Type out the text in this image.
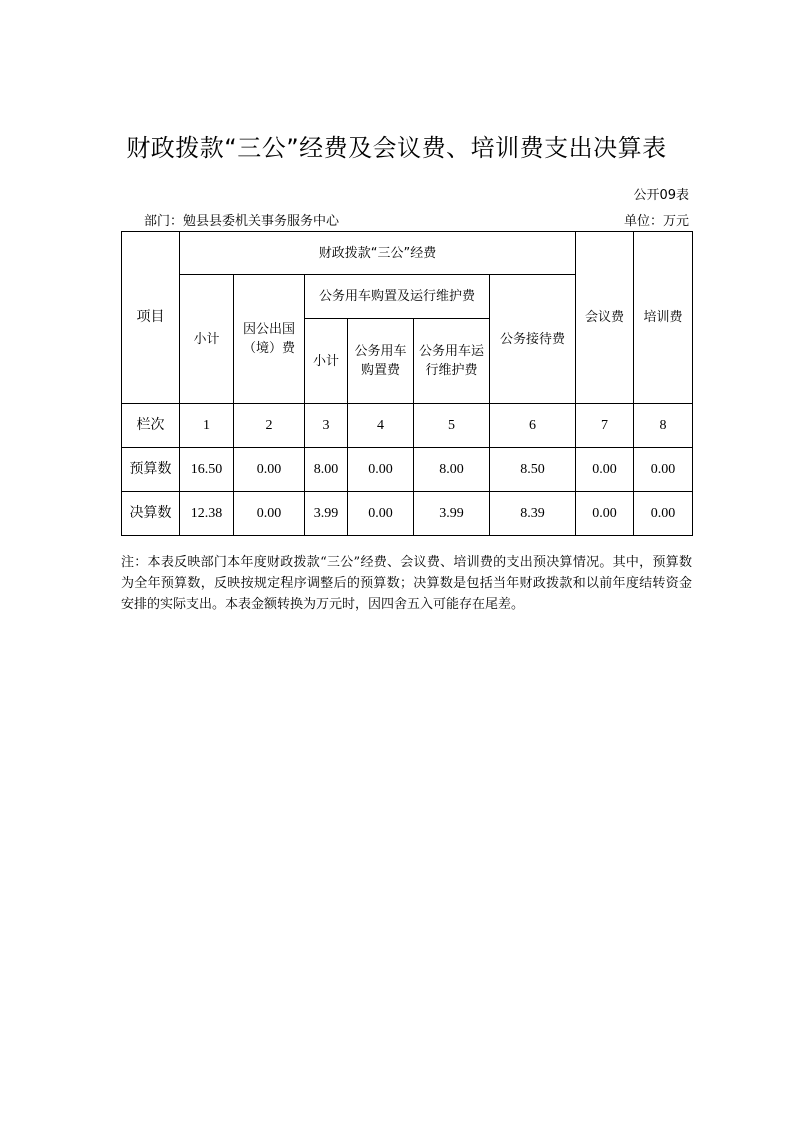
财政拨款“三公”经费及会议费、培训费支出决算表
公开09表
部门：勉县县委机关事务服务中心	单位：万元
项目	财政拨款“三公”经费						会议费	培训费
	小计	因公出国（境）费	公务用车购置及运行维护费			公务接待费		
			小计	公务用车购置费	公务用车运行维护费			

栏次	1	2	3	4	5	6	7	8
预算数	16.50	0.00	8.00	0.00	8.00	8.50	0.00	0.00
决算数	12.38	0.00	3.99	0.00	3.99	8.39	0.00	0.00
注：本表反映部门本年度财政拨款“三公”经费、会议费、培训费的支出预决算情况。其中，预算数为全年预算数，反映按规定程序调整后的预算数；决算数是包括当年财政拨款和以前年度结转资金安排的实际支出。本表金额转换为万元时，因四舍五入可能存在尾差。
